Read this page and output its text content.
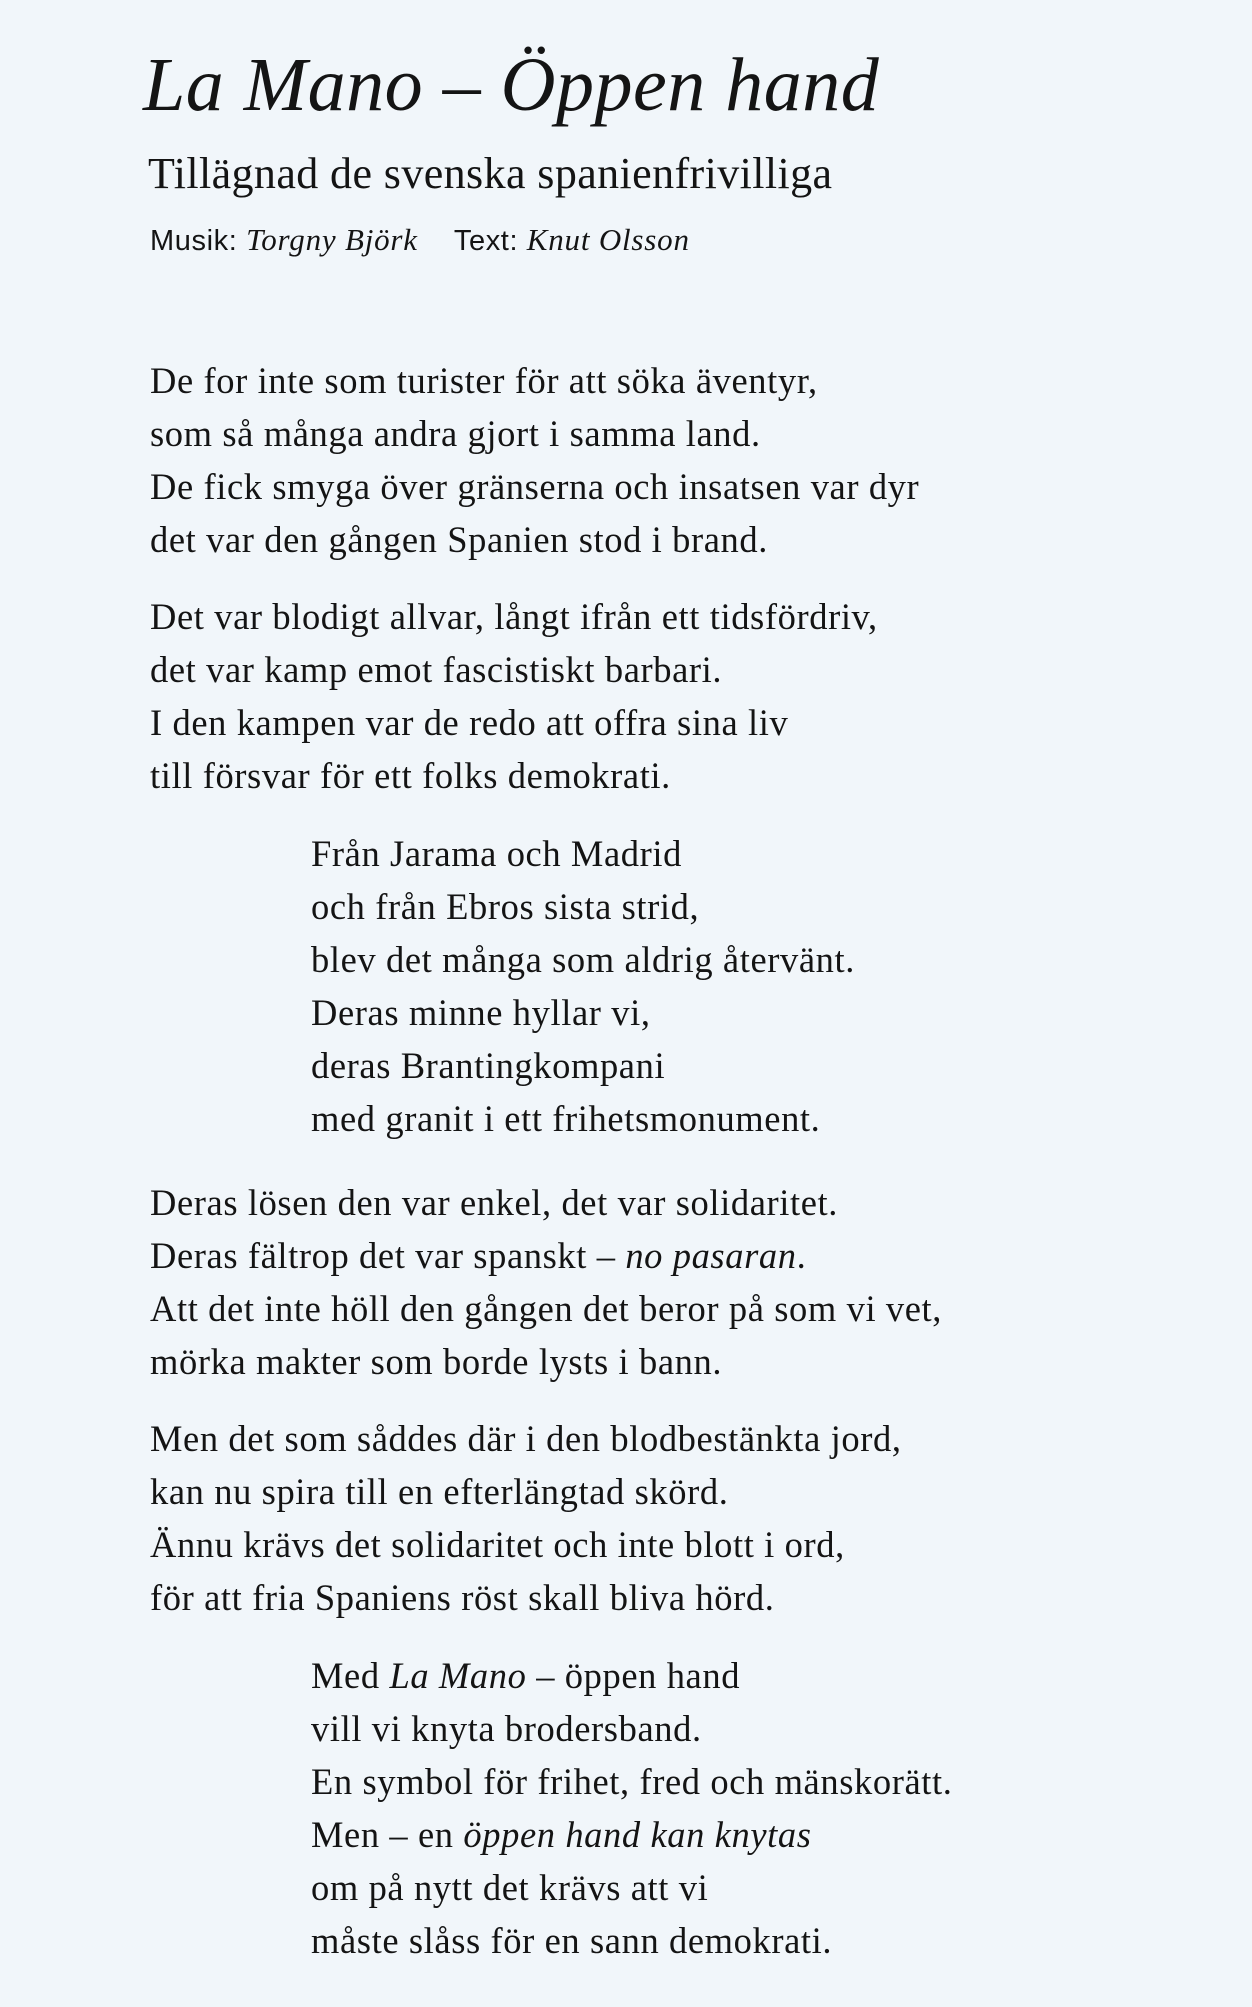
La Mano – Öppen hand
Tillägnad de svenska spanienfrivilliga
Musik: Torgny Björk Text: Knut Olsson
De for inte som turister för att söka äventyr,
som så många andra gjort i samma land.
De fick smyga över gränserna och insatsen var dyr
det var den gången Spanien stod i brand.
Det var blodigt allvar, långt ifrån ett tidsfördriv,
det var kamp emot fascistiskt barbari.
I den kampen var de redo att offra sina liv
till försvar för ett folks demokrati.
Från Jarama och Madrid
och från Ebros sista strid,
blev det många som aldrig återvänt.
Deras minne hyllar vi,
deras Brantingkompani
med granit i ett frihetsmonument.
Deras lösen den var enkel, det var solidaritet.
Deras fältrop det var spanskt – no pasaran.
Att det inte höll den gången det beror på som vi vet,
mörka makter som borde lysts i bann.
Men det som såddes där i den blodbestänkta jord,
kan nu spira till en efterlängtad skörd.
Ännu krävs det solidaritet och inte blott i ord,
för att fria Spaniens röst skall bliva hörd.
Med La Mano – öppen hand
vill vi knyta brodersband.
En symbol för frihet, fred och mänskorätt.
Men – en öppen hand kan knytas
om på nytt det krävs att vi
måste slåss för en sann demokrati.
